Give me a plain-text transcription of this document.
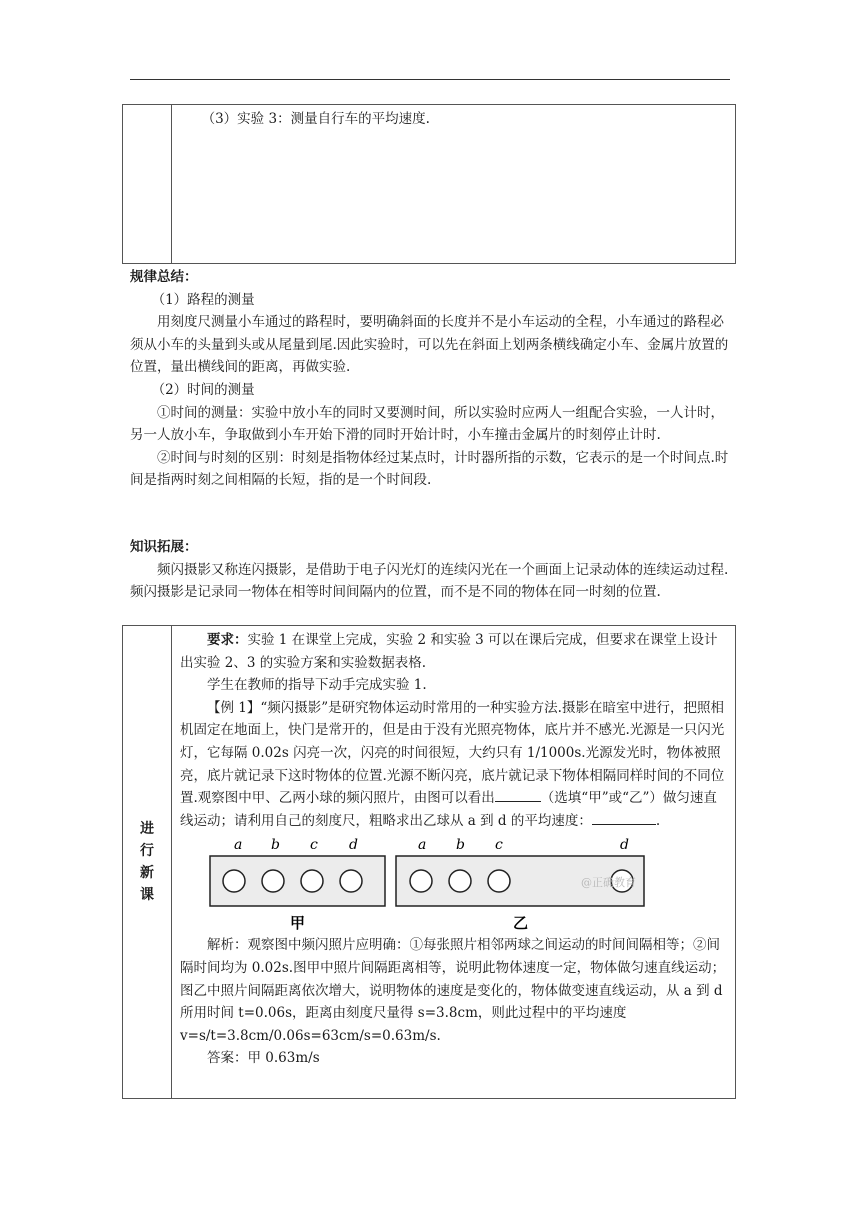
（3）实验 3：测量自行车的平均速度.

规律总结：

（1）路程的测量

用刻度尺测量小车通过的路程时，要明确斜面的长度并不是小车运动的全程，小车通过的路程必须从小车的头量到头或从尾量到尾.因此实验时，可以先在斜面上划两条横线确定小车、金属片放置的位置，量出横线间的距离，再做实验.

（2）时间的测量

①时间的测量：实验中放小车的同时又要测时间，所以实验时应两人一组配合实验，一人计时，另一人放小车，争取做到小车开始下滑的同时开始计时，小车撞击金属片的时刻停止计时.

②时间与时刻的区别：时刻是指物体经过某点时，计时器所指的示数，它表示的是一个时间点.时间是指两时刻之间相隔的长短，指的是一个时间段.

知识拓展：

频闪摄影又称连闪摄影，是借助于电子闪光灯的连续闪光在一个画面上记录动体的连续运动过程.频闪摄影是记录同一物体在相等时间间隔内的位置，而不是不同的物体在同一时刻的位置.

进
行
新
课

要求：实验 1 在课堂上完成，实验 2 和实验 3 可以在课后完成，但要求在课堂上设计出实验 2、3 的实验方案和实验数据表格.

学生在教师的指导下动手完成实验 1.

【例 1】“频闪摄影”是研究物体运动时常用的一种实验方法.摄影在暗室中进行，把照相机固定在地面上，快门是常开的，但是由于没有光照亮物体，底片并不感光.光源是一只闪光灯，它每隔 0.02s 闪亮一次，闪亮的时间很短，大约只有 1/1000s.光源发光时，物体被照亮，底片就记录下这时物体的位置.光源不断闪亮，底片就记录下物体相隔同样时间的不同位置.观察图中甲、乙两小球的频闪照片，由图可以看出	（选填“甲”或“乙”）做匀速直线运动；请利用自己的刻度尺，粗略求出乙球从 a 到 d 的平均速度：	.

a b c d
甲
a b c	d
@正确教育
乙

解析：观察图中频闪照片应明确：①每张照片相邻两球之间运动的时间间隔相等；②间隔时间均为 0.02s.图甲中照片间隔距离相等，说明此物体速度一定，物体做匀速直线运动；图乙中照片间隔距离依次增大，说明物体的速度是变化的，物体做变速直线运动，从 a 到 d 所用时间 t=0.06s，距离由刻度尺量得 s=3.8cm，则此过程中的平均速度 v=s/t=3.8cm/0.06s=63cm/s=0.63m/s.

答案：甲 0.63m/s
